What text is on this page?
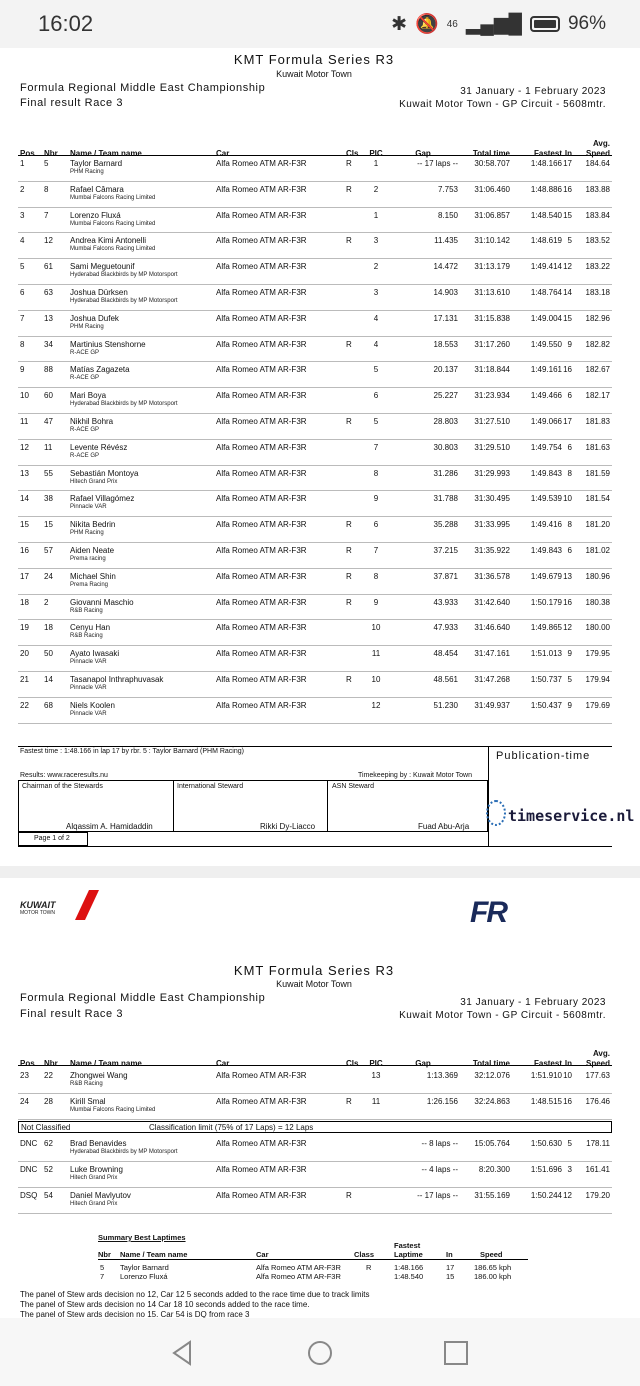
16:02	✱ 🔕 46 ▂▄▆█ 96%
KMT Formula Series R3
Kuwait Motor Town
Formula Regional Middle East Championship
Final result Race 3
31 January - 1 February 2023
Kuwait Motor Town - GP Circuit - 5608mtr.
Pos Nbr Name / Team name	Car	Cls	PIC	Gap	Total time	Fastest In
Avg.
Speed
1 5	Taylor Barnard	Alfa Romeo ATM AR-F3R	R	1	-- 17 laps --	30:58.707	1:48.166 17	184.64
PHM Racing
2 8	Rafael Câmara	Alfa Romeo ATM AR-F3R	R	2	7.753	31:06.460	1:48.886 16	183.88
Mumbai Falcons Racing Limited
3 7	Lorenzo Fluxá	Alfa Romeo ATM AR-F3R	1	8.150	31:06.857	1:48.540 15	183.84
Mumbai Falcons Racing Limited
4 12 Andrea Kimi Antonelli	Alfa Romeo ATM AR-F3R	R	3	11.435	31:10.142	1:48.619 5	183.52
Mumbai Falcons Racing Limited
5 61 Sami Meguetounif	Alfa Romeo ATM AR-F3R	2	14.472	31:13.179	1:49.414 12	183.22
Hyderabad Blackbirds by MP Motorsport
6 63 Joshua Dürksen	Alfa Romeo ATM AR-F3R	3	14.903	31:13.610	1:48.764 14	183.18
Hyderabad Blackbirds by MP Motorsport
7 13 Joshua Dufek	Alfa Romeo ATM AR-F3R	4	17.131	31:15.838	1:49.004 15	182.96
PHM Racing
8 34 Martinius Stenshorne	Alfa Romeo ATM AR-F3R	R	4	18.553	31:17.260	1:49.550 9	182.82
R-ACE GP
9 88 Matías Zagazeta	Alfa Romeo ATM AR-F3R	5	20.137	31:18.844	1:49.161 16	182.67
R-ACE GP
10 60 Mari Boya	Alfa Romeo ATM AR-F3R	6	25.227	31:23.934	1:49.466 6	182.17
Hyderabad Blackbirds by MP Motorsport
11 47 Nikhil Bohra	Alfa Romeo ATM AR-F3R	R	5	28.803	31:27.510	1:49.066 17	181.83
R-ACE GP
12 11 Levente Révész	Alfa Romeo ATM AR-F3R	7	30.803	31:29.510	1:49.754 6	181.63
R-ACE GP
13 55 Sebastián Montoya	Alfa Romeo ATM AR-F3R	8	31.286	31:29.993	1:49.843 8	181.59
Hitech Grand Prix
14 38 Rafael Villagómez	Alfa Romeo ATM AR-F3R	9	31.788	31:30.495	1:49.539 10	181.54
Pinnacle VAR
15 15 Nikita Bedrin	Alfa Romeo ATM AR-F3R	R	6	35.288	31:33.995	1:49.416 8	181.20
PHM Racing
16 57 Aiden Neate	Alfa Romeo ATM AR-F3R	R	7	37.215	31:35.922	1:49.843 6	181.02
Prema racing
17 24 Michael Shin	Alfa Romeo ATM AR-F3R	R	8	37.871	31:36.578	1:49.679 13	180.96
Prema Racing
18 2	Giovanni Maschio	Alfa Romeo ATM AR-F3R	R	9	43.933	31:42.640	1:50.179 16	180.38
R&B Racing
19 18 Cenyu Han	Alfa Romeo ATM AR-F3R	10	47.933	31:46.640	1:49.865 12	180.00
R&B Racing
20 50 Ayato Iwasaki	Alfa Romeo ATM AR-F3R	11	48.454	31:47.161	1:51.013 9	179.95
Pinnacle VAR
21 14 Tasanapol Inthraphuvasak	Alfa Romeo ATM AR-F3R	R	10	48.561	31:47.268	1:50.737 5	179.94
Pinnacle VAR
22 68 Niels Koolen	Alfa Romeo ATM AR-F3R	12	51.230	31:49.937	1:50.437 9	179.69
Pinnacle VAR
Fastest time : 1:48.166 in lap 17 by rbr. 5 : Taylor Barnard (PHM Racing)	Publication-time
Results: www.raceresults.nu	Timekeeping by : Kuwait Motor Town
Chairman of the Stewards	International Steward	ASN Steward
Alqassim A. Hamidaddin	Rikki Dy-Liacco	Fuad Abu-Arja
Page 1 of 2
timeservice.nl
KUWAIT
MOTOR TOWN	FR
KMT Formula Series R3
Kuwait Motor Town
Formula Regional Middle East Championship
Final result Race 3
31 January - 1 February 2023
Kuwait Motor Town - GP Circuit - 5608mtr.
Pos Nbr Name / Team name	Car	Cls	PIC	Gap	Total time	Fastest In
Avg.
Speed
23 22 Zhongwei Wang	Alfa Romeo ATM AR-F3R	13	1:13.369	32:12.076	1:51.910 10	177.63
R&B Racing
24 28 Kirill Smal	Alfa Romeo ATM AR-F3R	R	11	1:26.156	32:24.863	1:48.515 16	176.46
Mumbai Falcons Racing Limited
Not Classified	Classification limit (75% of 17 Laps) = 12 Laps
DNC 62 Brad Benavides	Alfa Romeo ATM AR-F3R	-- 8 laps --	15:05.764	1:50.630 5	178.11
Hyderabad Blackbirds by MP Motorsport
DNC 52 Luke Browning	Alfa Romeo ATM AR-F3R	-- 4 laps --	8:20.300	1:51.696 3	161.41
Hitech Grand Prix
DSQ 54 Daniel Mavlyutov	Alfa Romeo ATM AR-F3R	R	-- 17 laps --	31:55.169	1:50.244 12	179.20
Hitech Grand Prix
Summary Best Laptimes
Nbr Name / Team name	Car	Class
Fastest
Laptime	In	Speed
5 Taylor Barnard	Alfa Romeo ATM AR-F3R	R	1:48.166	17	186.65 kph
7 Lorenzo Fluxá	Alfa Romeo ATM AR-F3R	1:48.540	15	186.00 kph
The panel of Stew ards decision no 12, Car 12 5 seconds added to the race time due to track limits
The panel of Stew ards decision no 14 Car 18 10 seconds added to the race time.
The panel of Stew ards decision no 15. Car 54 is DQ from race 3
